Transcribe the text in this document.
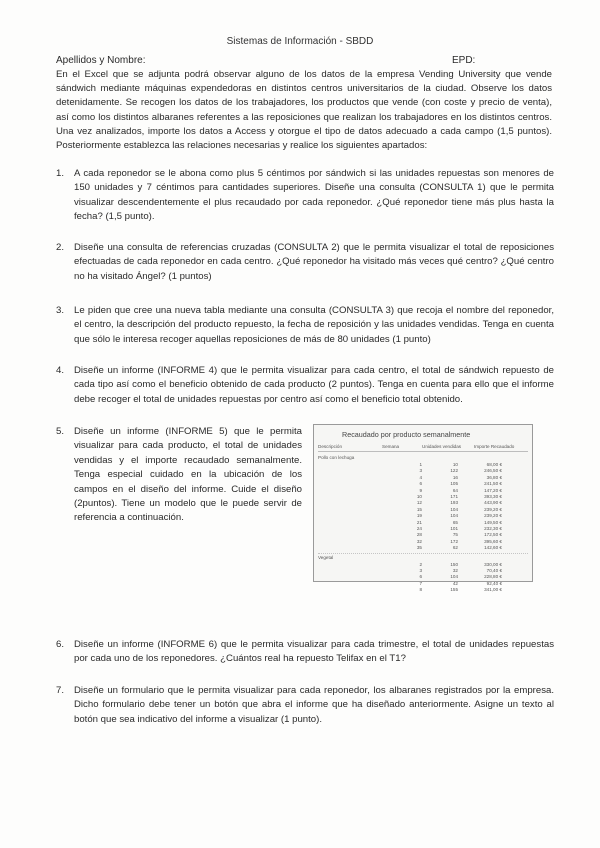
Sistemas de Información - SBDD
Apellidos y Nombre:	EPD:

En el Excel que se adjunta podrá observar alguno de los datos de la empresa Vending University que vende sándwich mediante máquinas expendedoras en distintos centros universitarios de la ciudad. Observe los datos detenidamente. Se recogen los datos de los trabajadores, los productos que vende (con coste y precio de venta), así como los distintos albaranes referentes a las reposiciones que realizan los trabajadores en los distintos centros. Una vez analizados, importe los datos a Access y otorgue el tipo de datos adecuado a cada campo (1,5 puntos). Posteriormente establezca las relaciones necesarias y realice los siguientes apartados:

1. A cada reponedor se le abona como plus 5 céntimos por sándwich si las unidades repuestas son menores de 150 unidades y 7 céntimos para cantidades superiores. Diseñe una consulta (CONSULTA 1) que le permita visualizar descendentemente el plus recaudado por cada reponedor. ¿Qué reponedor tiene más plus hasta la fecha? (1,5 punto).
2. Diseñe una consulta de referencias cruzadas (CONSULTA 2) que le permita visualizar el total de reposiciones efectuadas de cada reponedor en cada centro. ¿Qué reponedor ha visitado más veces qué centro? ¿Qué centro no ha visitado Ángel? (1 puntos)
3. Le piden que cree una nueva tabla mediante una consulta (CONSULTA 3) que recoja el nombre del reponedor, el centro, la descripción del producto repuesto, la fecha de reposición y las unidades vendidas. Tenga en cuenta que sólo le interesa recoger aquellas reposiciones de más de 80 unidades (1 punto)
4. Diseñe un informe (INFORME 4) que le permita visualizar para cada centro, el total de sándwich repuesto de cada tipo así como el beneficio obtenido de cada producto (2 puntos). Tenga en cuenta para ello que el informe debe recoger el total de unidades repuestas por centro así como el beneficio total obtenido.
5. Diseñe un informe (INFORME 5) que le permita visualizar para cada producto, el total de unidades vendidas y el importe recaudado semanalmente. Tenga especial cuidado en la ubicación de los campos en el diseño del informe. Cuide el diseño (2puntos). Tiene un modelo que le puede servir de referencia a continuación.
Recaudado por producto semanalmente
Descripción	Semana	Unidades vendidas	Importe Recaudado
Pollo con lechuga
1	10	68,00 €
3	122	246,50 €
4	16	36,80 €
6	105	241,50 €
9	64	147,20 €
10	171	393,30 €
12	193	443,90 €
15	104	239,20 €
19	104	239,20 €
21	65	149,50 €
24	101	232,30 €
28	75	172,50 €
32	172	395,60 €
35	62	142,60 €
Vegetal
2	150	330,00 €
3	32	70,40 €
6	104	228,80 €
7	42	92,40 €
8	155	341,00 €
6. Diseñe un informe (INFORME 6) que le permita visualizar para cada trimestre, el total de unidades repuestas por cada uno de los reponedores. ¿Cuántos real ha repuesto Telifax en el T1?
7. Diseñe un formulario que le permita visualizar para cada reponedor, los albaranes registrados por la empresa. Dicho formulario debe tener un botón que abra el informe que ha diseñado anteriormente. Asigne un texto al botón que sea indicativo del informe a visualizar (1 punto).
